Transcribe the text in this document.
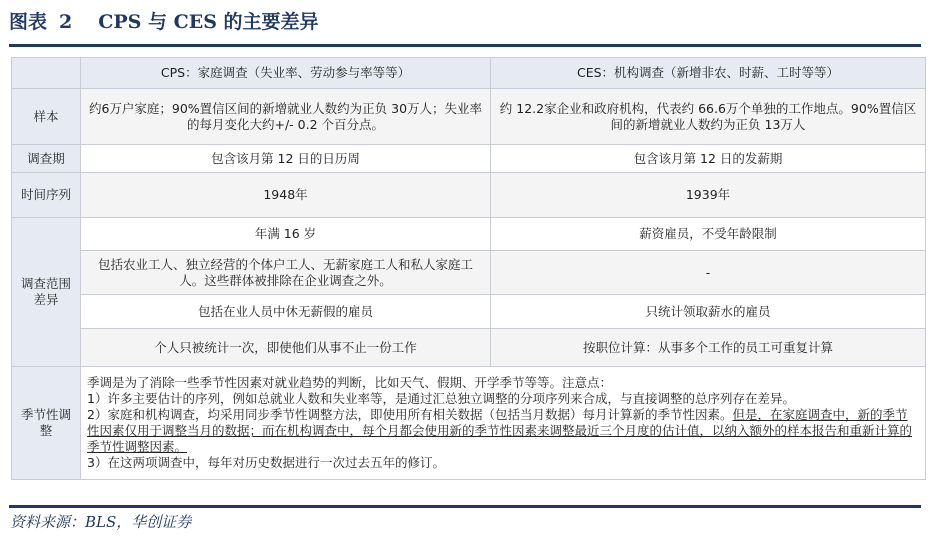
图表 2 CPS 与 CES 的主要差异
	CPS：家庭调查（失业率、劳动参与率等等）	CES：机构调查（新增非农、时薪、工时等等）
样本	约6万户家庭；90%置信区间的新增就业人数约为正负 30万人；失业率的每月变化大约+/- 0.2 个百分点。	约 12.2家企业和政府机构，代表约 66.6万个单独的工作地点。90%置信区间的新增就业人数约为正负 13万人
调查期	包含该月第 12 日的日历周	包含该月第 12 日的发薪期
时间序列	1948年	1939年
调查范围差异	年满 16 岁	薪资雇员，不受年龄限制
	包括农业工人、独立经营的个体户工人、无薪家庭工人和私人家庭工人。这些群体被排除在企业调查之外。	-
	包括在业人员中休无薪假的雇员	只统计领取薪水的雇员
	个人只被统计一次，即使他们从事不止一份工作	按职位计算：从事多个工作的员工可重复计算
季节性调整	季调是为了消除一些季节性因素对就业趋势的判断，比如天气、假期、开学季节等等。注意点：
1）许多主要估计的序列，例如总就业人数和失业率等，是通过汇总独立调整的分项序列来合成，与直接调整的总序列存在差异。
2）家庭和机构调查，均采用同步季节性调整方法，即使用所有相关数据（包括当月数据）每月计算新的季节性因素。但是，在家庭调查中，新的季节性因素仅用于调整当月的数据；而在机构调查中，每个月都会使用新的季节性因素来调整最近三个月度的估计值，以纳入额外的样本报告和重新计算的季节性调整因素。
3）在这两项调查中，每年对历史数据进行一次过去五年的修订。	
资料来源：BLS，华创证券
